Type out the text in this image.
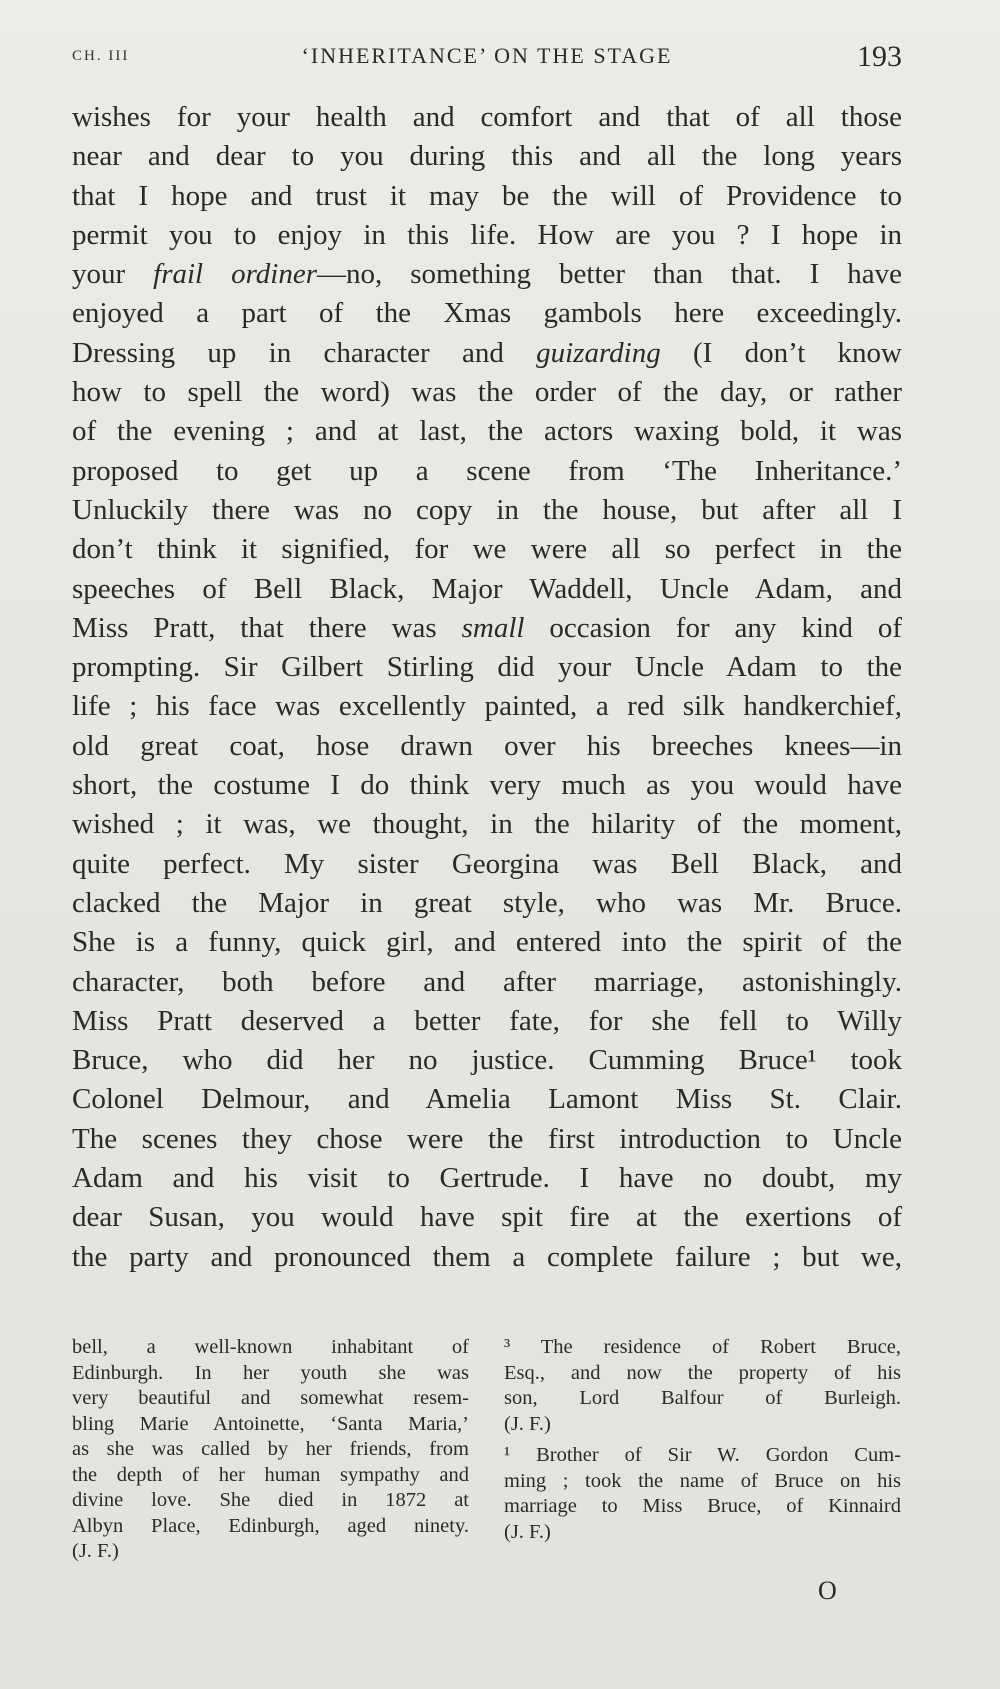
CH. III	‘INHERITANCE’ ON THE STAGE	193
wishes for your health and comfort and that of all those
near and dear to you during this and all the long years
that I hope and trust it may be the will of Providence to
permit you to enjoy in this life. How are you ? I hope in
your frail ordiner—no, something better than that. I have
enjoyed a part of the Xmas gambols here exceedingly.
Dressing up in character and guizarding (I don’t know
how to spell the word) was the order of the day, or rather
of the evening ; and at last, the actors waxing bold, it was
proposed to get up a scene from ‘The Inheritance.’
Unluckily there was no copy in the house, but after all I
don’t think it signified, for we were all so perfect in the
speeches of Bell Black, Major Waddell, Uncle Adam, and
Miss Pratt, that there was small occasion for any kind of
prompting. Sir Gilbert Stirling did your Uncle Adam to the
life ; his face was excellently painted, a red silk handkerchief,
old great coat, hose drawn over his breeches knees—in
short, the costume I do think very much as you would have
wished ; it was, we thought, in the hilarity of the moment,
quite perfect. My sister Georgina was Bell Black, and
clacked the Major in great style, who was Mr. Bruce.
She is a funny, quick girl, and entered into the spirit of the
character, both before and after marriage, astonishingly.
Miss Pratt deserved a better fate, for she fell to Willy
Bruce, who did her no justice. Cumming Bruce¹ took
Colonel Delmour, and Amelia Lamont Miss St. Clair.
The scenes they chose were the first introduction to Uncle
Adam and his visit to Gertrude. I have no doubt, my
dear Susan, you would have spit fire at the exertions of
the party and pronounced them a complete failure ; but we,
bell, a well-known inhabitant of
Edinburgh. In her youth she was
very beautiful and somewhat resem-
bling Marie Antoinette, ‘Santa Maria,’
as she was called by her friends, from
the depth of her human sympathy and
divine love. She died in 1872 at
Albyn Place, Edinburgh, aged ninety.
(J. F.)
³ The residence of Robert Bruce,
Esq., and now the property of his
son, Lord Balfour of Burleigh.
(J. F.)
¹ Brother of Sir W. Gordon Cum-
ming ; took the name of Bruce on his
marriage to Miss Bruce, of Kinnaird
(J. F.)
O
